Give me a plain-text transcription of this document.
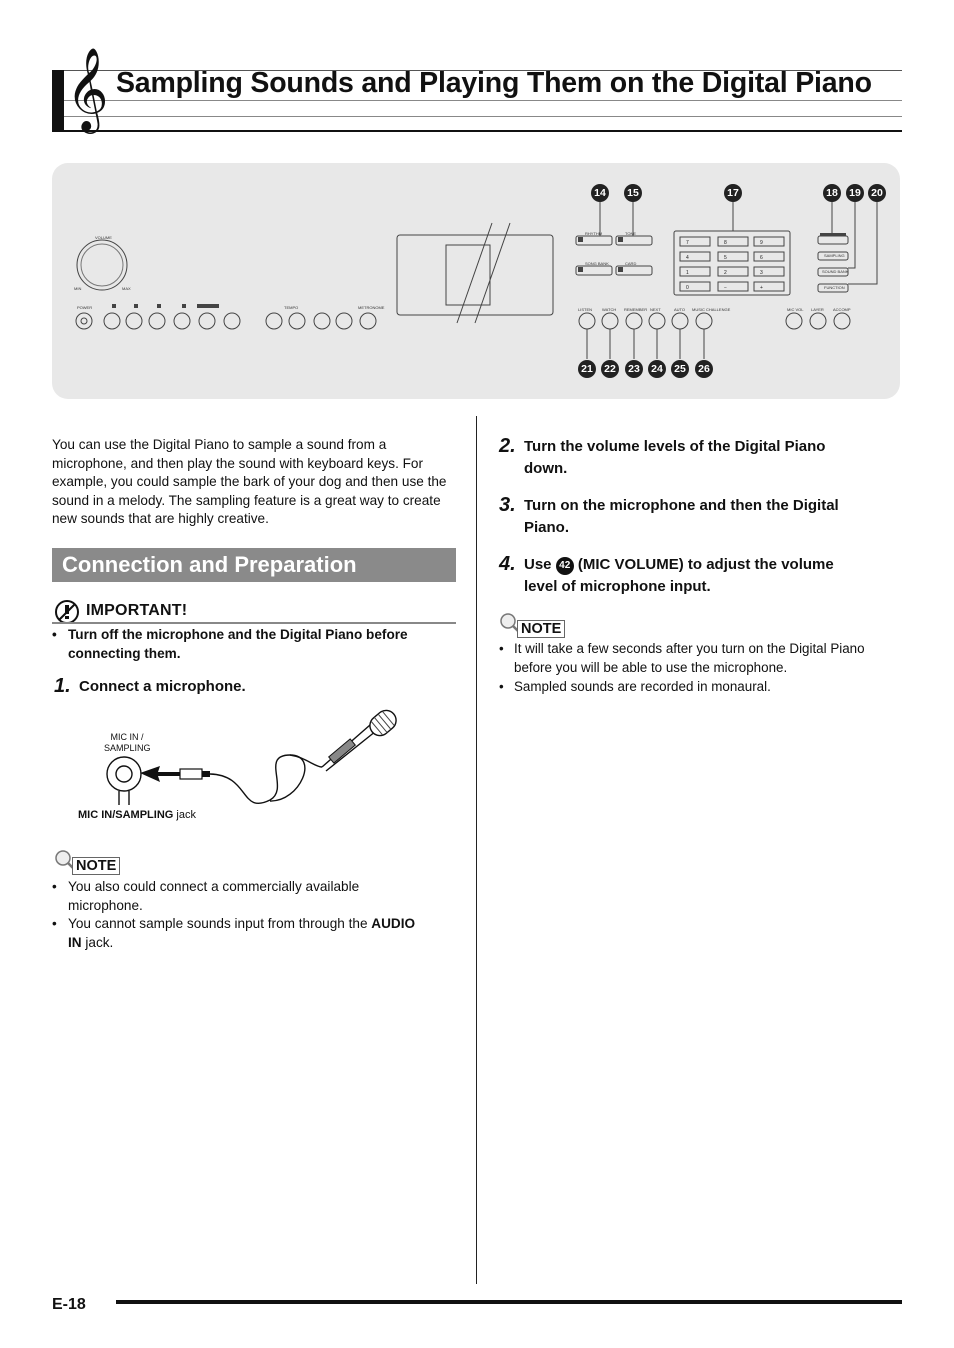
𝄞 Sampling Sounds and Playing Them on the Digital Piano
VOLUME
MIN	MAX
POWER	TEMPO	METRONOME
RHYTHM	TONE
SONG BANK	CARD
SAMPLING
SOUND BANK
FUNCTION
LISTEN WATCH REMEMBER NEXT	AUTO MUSIC CHALLENGE	MIC VOL LAYER ACCOMP
7	8	9
4	5	6
1	2	3
0	−	+
14	15	17	18	19 20
21	22	23	24	25	26
You can use the Digital Piano to sample a sound from a microphone, and then play the sound with keyboard keys. For example, you could sample the bark of your dog and then use the sound in a melody. The sampling feature is a great way to create new sounds that are highly creative.
Connection and Preparation
IMPORTANT!
• Turn off the microphone and the Digital Piano before
connecting them.
1. Connect a microphone.
MIC IN /
SAMPLING
MIC IN/SAMPLING jack
NOTE
• You also could connect a commercially available
microphone.
• You cannot sample sounds input from through the AUDIO
IN jack.
2. Turn the volume levels of the Digital Piano
down.
3. Turn on the microphone and then the Digital
Piano.
4. Use 42 (MIC VOLUME) to adjust the volume
level of microphone input.
NOTE
• It will take a few seconds after you turn on the Digital Piano
before you will be able to use the microphone.
• Sampled sounds are recorded in monaural.
E-18
